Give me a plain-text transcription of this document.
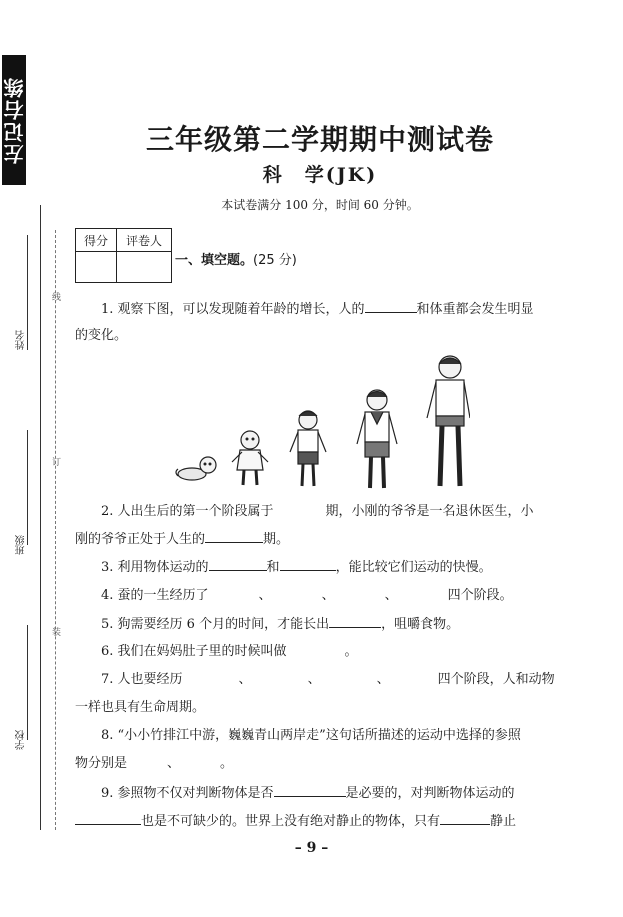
左记右练
线
订
装
姓名
班级
学校
三年级第二学期期中测试卷
科　学(JK)
本试卷满分 100 分，时间 60 分钟。
得分	评卷人

一、填空题。(25 分)
1. 观察下图，可以发现随着年龄的增长，人的	和体重都会发生明显
的变化。
2. 人出生后的第一个阶段属于	期，小刚的爷爷是一名退休医生，小
刚的爷爷正处于人生的	期。
3. 利用物体运动的	和	，能比较它们运动的快慢。
4. 蚕的一生经历了	、	、	、	四个阶段。
5. 狗需要经历 6 个月的时间，才能长出	，咀嚼食物。
6. 我们在妈妈肚子里的时候叫做	。
7. 人也要经历	、	、	、	四个阶段，人和动物
一样也具有生命周期。
8. “小小竹排江中游，巍巍青山两岸走”这句话所描述的运动中选择的参照
物分别是	、	。
9. 参照物不仅对判断物体是否	是必要的，对判断物体运动的
也是不可缺少的。世界上没有绝对静止的物体，只有	静止
– 9 –
